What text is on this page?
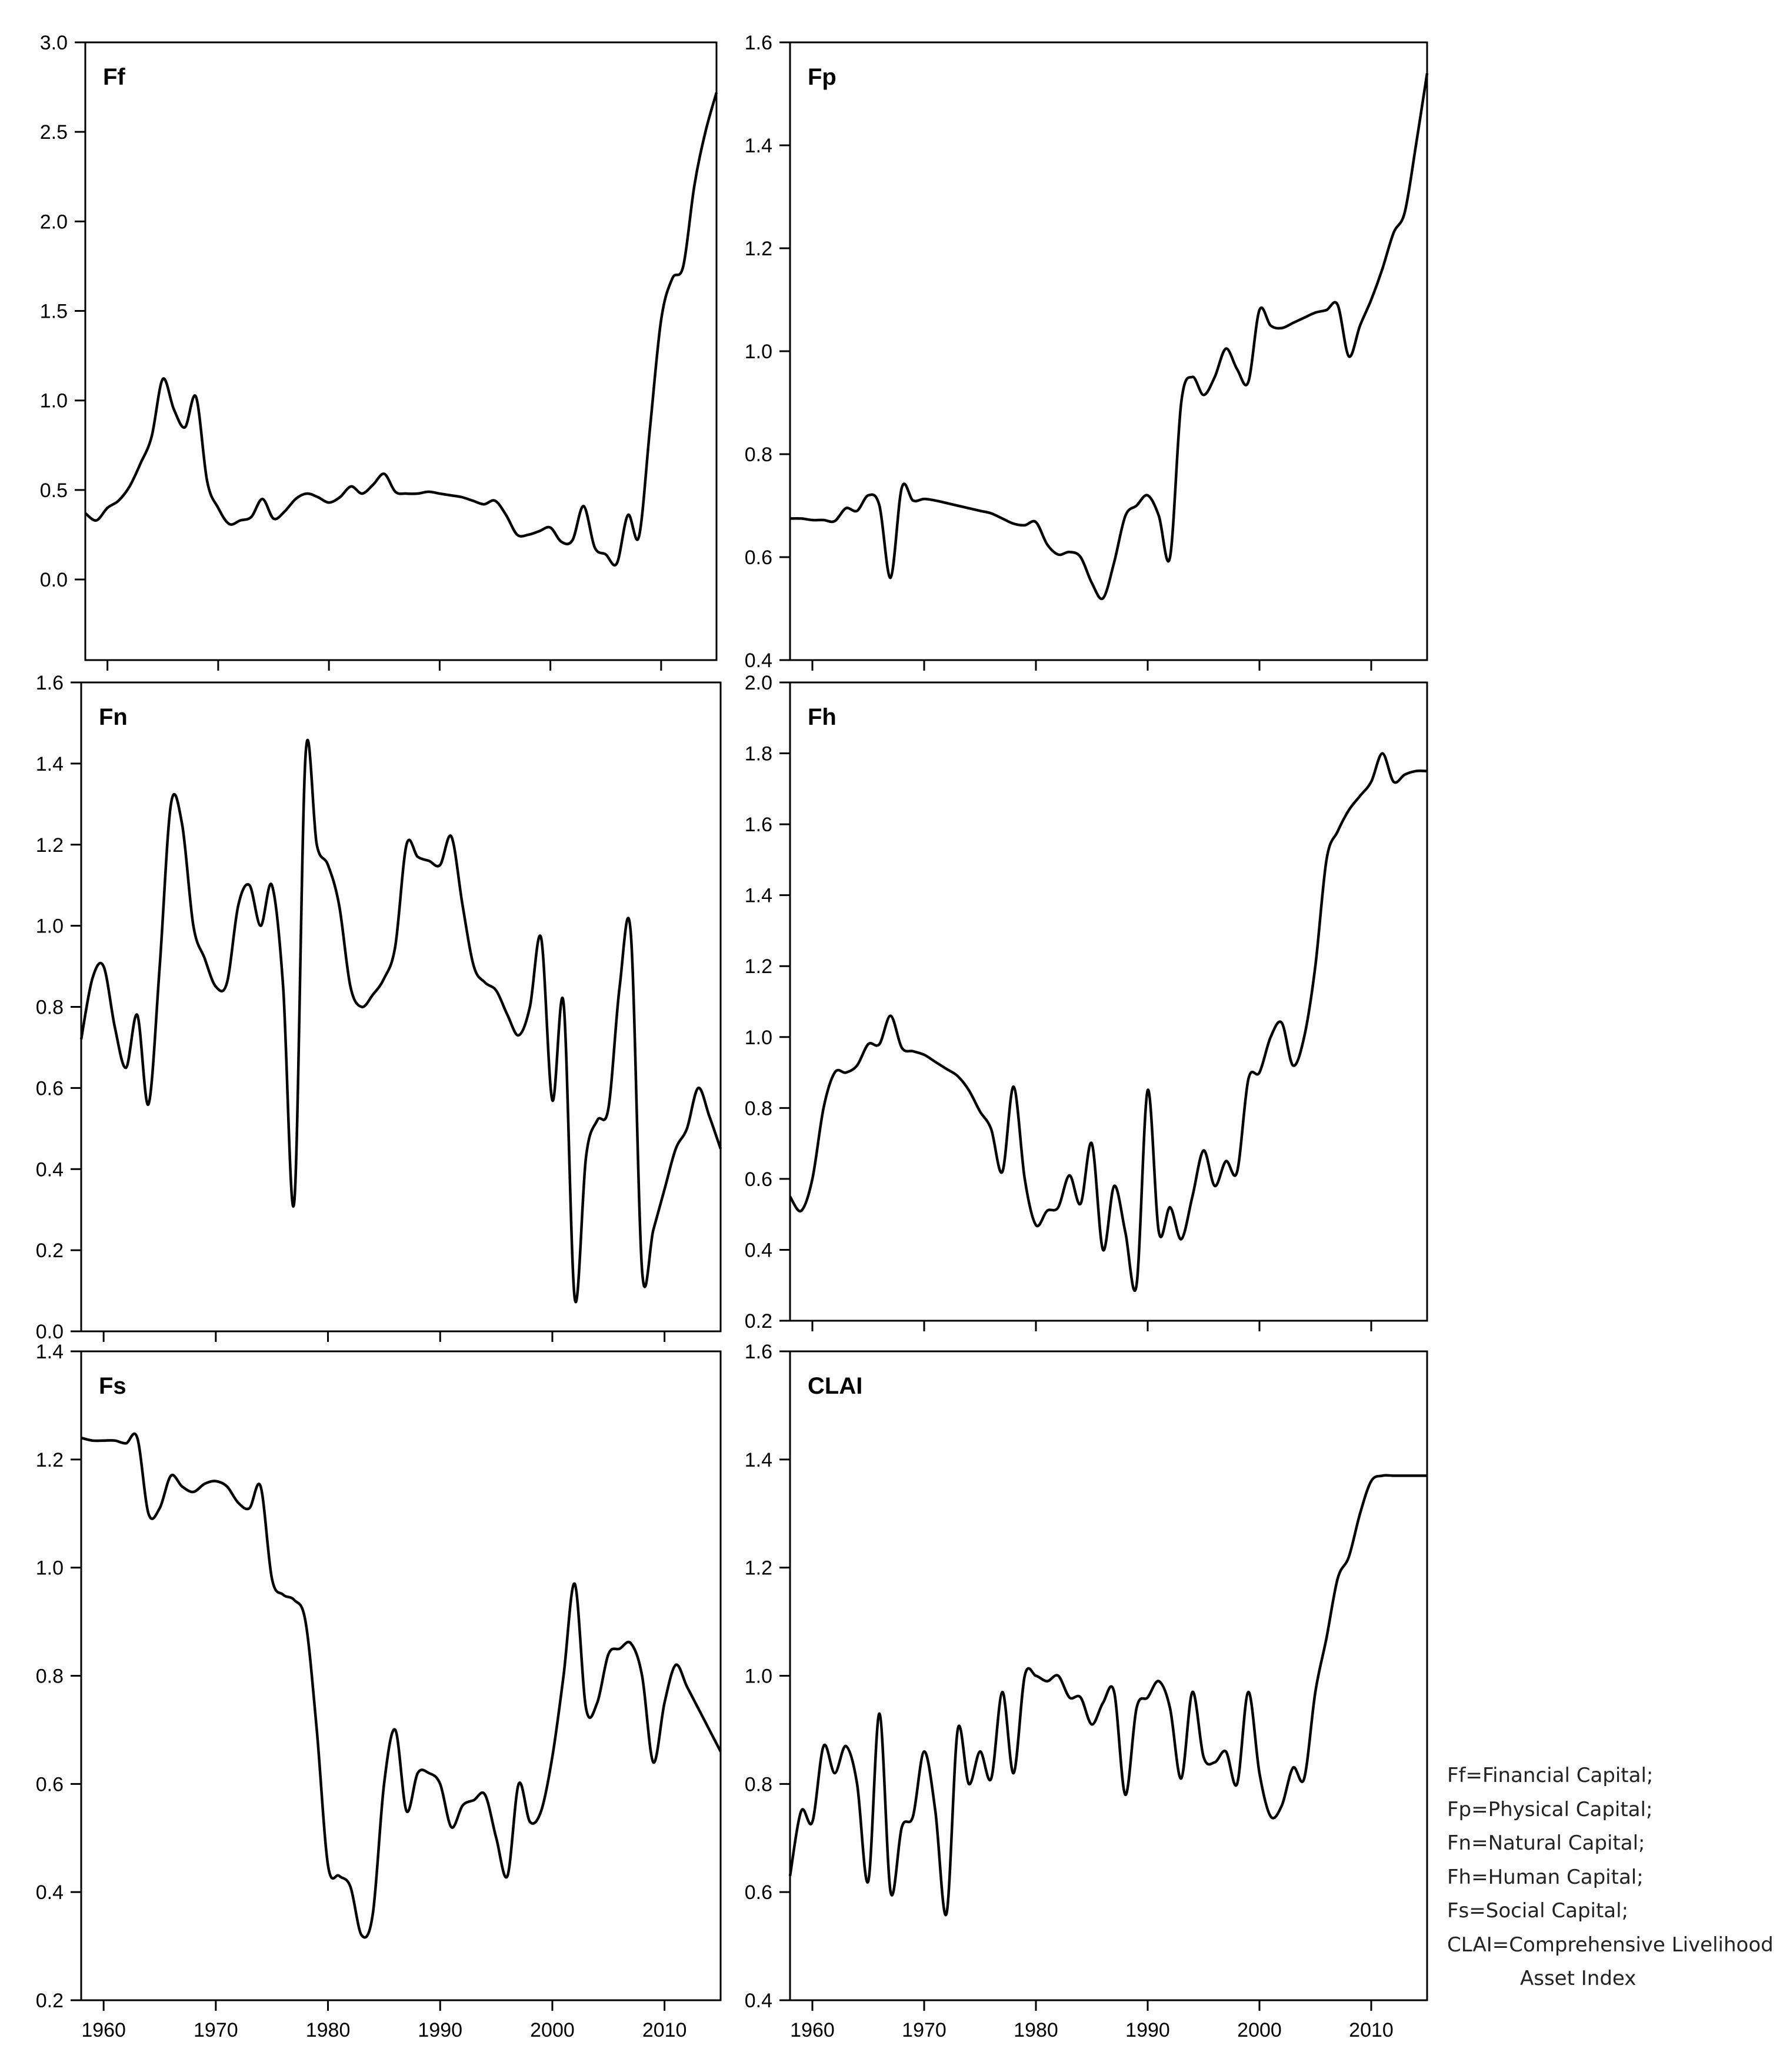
0.0
0.5
1.0
1.5
2.0
2.5
3.0
Ff
0.4
0.6
0.8
1.0
1.2
1.4
1.6
Fp
0.0
0.2
0.4
0.6
0.8
1.0
1.2
1.4
1.6
Fn
0.2
0.4
0.6
0.8
1.0
1.2
1.4
1.6
1.8
2.0
Fh
0.2
0.4
0.6
0.8
1.0
1.2
1.4
1960	1970	1980	1990	2000	2010
Fs
0.4
0.6
0.8
1.0
1.2
1.4
1.6
1960	1970	1980	1990	2000	2010
CLAI
Ff=Financial Capital;
Fp=Physical Capital;
Fn=Natural Capital;
Fh=Human Capital;
Fs=Social Capital;
CLAI=Comprehensive Livelihood
Asset Index
